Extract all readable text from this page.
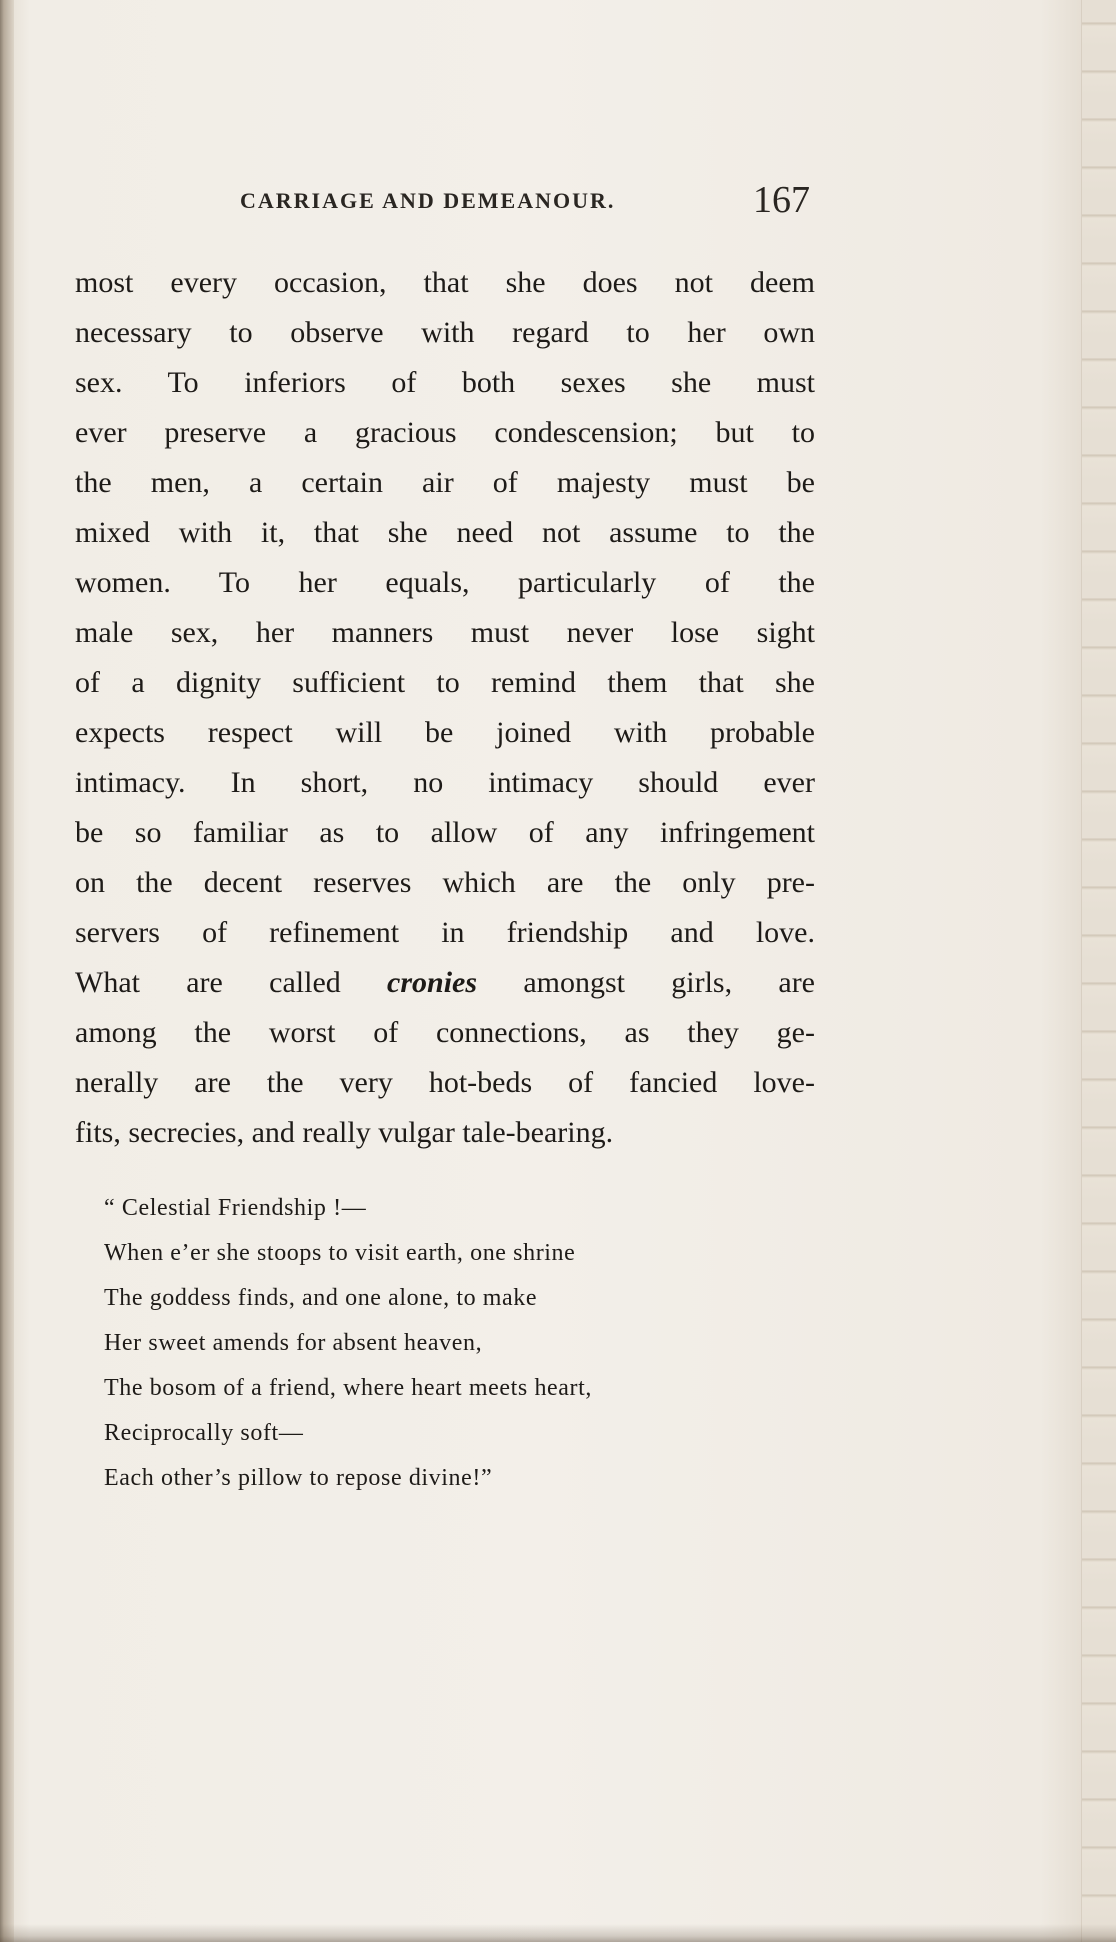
CARRIAGE AND DEMEANOUR.	167
most every occasion, that she does not deem
necessary to observe with regard to her own
sex. To inferiors of both sexes she must
ever preserve a gracious condescension; but to
the men, a certain air of majesty must be
mixed with it, that she need not assume to the
women. To her equals, particularly of the
male sex, her manners must never lose sight
of a dignity sufficient to remind them that she
expects respect will be joined with probable
intimacy. In short, no intimacy should ever
be so familiar as to allow of any infringement
on the decent reserves which are the only pre-
servers of refinement in friendship and love.
What are called cronies amongst girls, are
among the worst of connections, as they ge-
nerally are the very hot-beds of fancied love-
fits, secrecies, and really vulgar tale-bearing.
“ Celestial Friendship !—
When e’er she stoops to visit earth, one shrine
The goddess finds, and one alone, to make
Her sweet amends for absent heaven,
The bosom of a friend, where heart meets heart,
Reciprocally soft—
Each other’s pillow to repose divine!”
